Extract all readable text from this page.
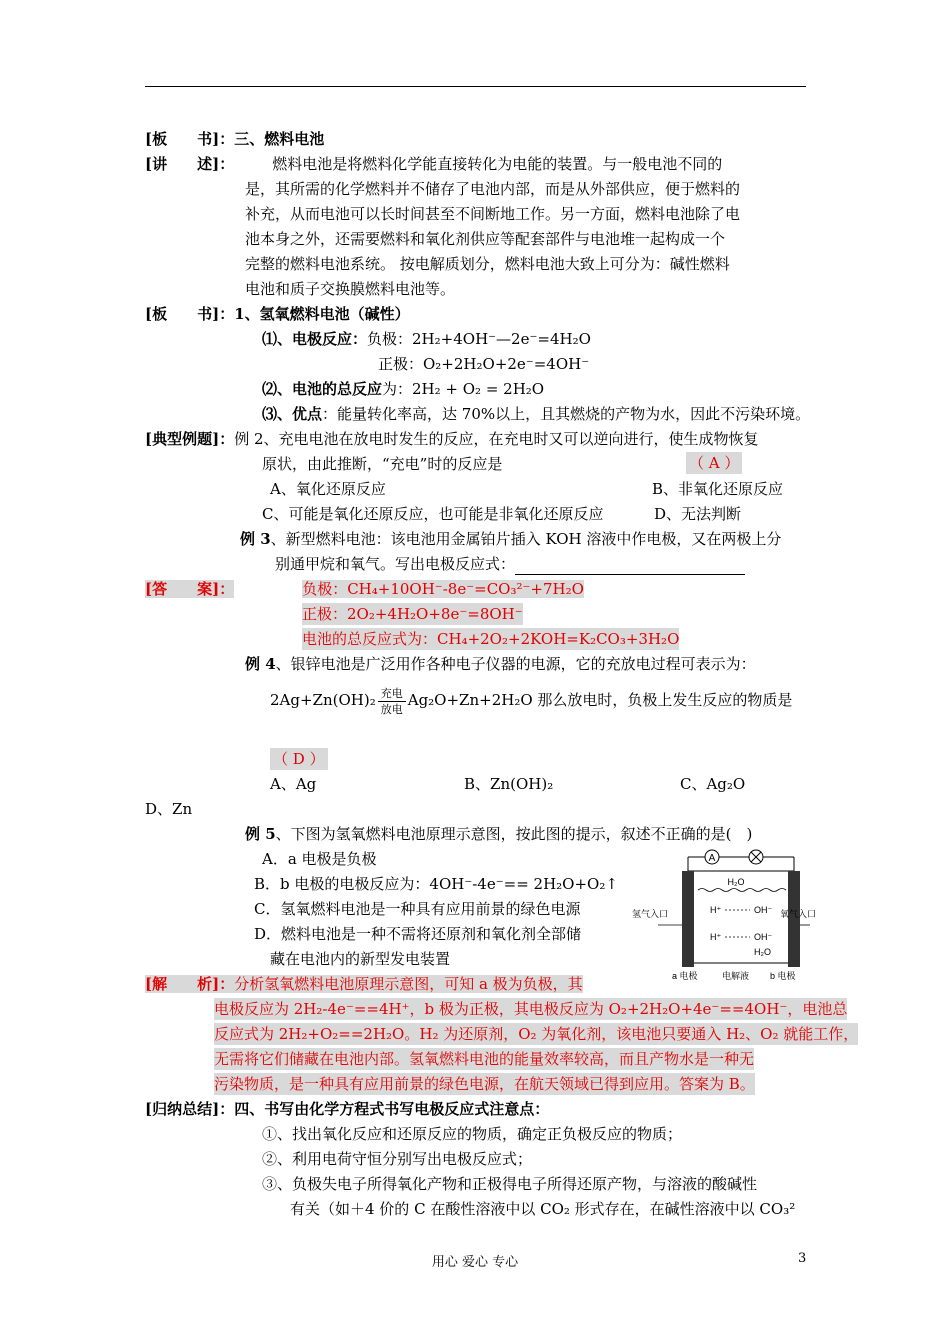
[板　　书]：三、燃料电池
[讲　　述]：	燃料电池是将燃料化学能直接转化为电能的装置。与一般电池不同的
是，其所需的化学燃料并不储存了电池内部，而是从外部供应，便于燃料的
补充，从而电池可以长时间甚至不间断地工作。另一方面，燃料电池除了电
池本身之外，还需要燃料和氧化剂供应等配套部件与电池堆一起构成一个
完整的燃料电池系统。 按电解质划分，燃料电池大致上可分为：碱性燃料
电池和质子交换膜燃料电池等。
[板　　书]：1、氢氧燃料电池（碱性）
⑴、电极反应：负极：2H₂+4OH⁻—2e⁻=4H₂O
正极：O₂+2H₂O+2e⁻=4OH⁻
⑵、电池的总反应为：2H₂ + O₂ = 2H₂O
⑶、优点：能量转化率高，达 70%以上，且其燃烧的产物为水，因此不污染环境。
[典型例题]：例 2、充电电池在放电时发生的反应，在充电时又可以逆向进行，使生成物恢复
原状，由此推断，“充电”时的反应是	（ A ）
A、氧化还原反应	B、非氧化还原反应
C、可能是氧化还原反应，也可能是非氧化还原反应	D、无法判断
例 3、新型燃料电池：该电池用金属铂片插入 KOH 溶液中作电极，又在两极上分
别通甲烷和氧气。写出电极反应式：
[答　　案]：	负极：CH₄+10OH⁻-8e⁻=CO₃²⁻+7H₂O
正极：2O₂+4H₂O+8e⁻=8OH⁻
电池的总反应式为：CH₄+2O₂+2KOH=K₂CO₃+3H₂O
例 4、银锌电池是广泛用作各种电子仪器的电源，它的充放电过程可表示为：
$2Ag+Zn(OH)_2 \frac{\text{充电}}{\text{放电}} Ag_2O+Zn+2H_2O$ 那么放电时，负极上发生反应的物质是
（ D ）
A、Ag	B、Zn(OH)₂	C、Ag₂O
D、Zn
例 5、下图为氢氧燃料电池原理示意图，按此图的提示，叙述不正确的是(　)
A．a 电极是负极
B．b 电极的电极反应为：4OH⁻-4e⁻== 2H₂O+O₂↑
C．氢氧燃料电池是一种具有应用前景的绿色电源
D．燃料电池是一种不需将还原剂和氧化剂全部储
藏在电池内的新型发电装置
A
H₂O
H⁺	OH⁻
H⁺	OH⁻
H₂O
氢气入口	氧气入口
a 电极	电解液 b 电极
[解　　析]：分析氢氧燃料电池原理示意图，可知 a 极为负极，其
电极反应为 2H₂-4e⁻==4H⁺，b 极为正极，其电极反应为 O₂+2H₂O+4e⁻==4OH⁻，电池总
反应式为 2H₂+O₂==2H₂O。H₂ 为还原剂，O₂ 为氧化剂，该电池只要通入 H₂、O₂ 就能工作，
无需将它们储藏在电池内部。氢氧燃料电池的能量效率较高，而且产物水是一种无
污染物质，是一种具有应用前景的绿色电源，在航天领域已得到应用。答案为 B。
[归纳总结]：四、书写由化学方程式书写电极反应式注意点：
①、找出氧化反应和还原反应的物质，确定正负极反应的物质；
②、利用电荷守恒分别写出电极反应式；
③、负极失电子所得氧化产物和正极得电子所得还原产物，与溶液的酸碱性
有关（如＋4 价的 C 在酸性溶液中以 CO₂ 形式存在，在碱性溶液中以 CO₃²
用心 爱心 专心	3
